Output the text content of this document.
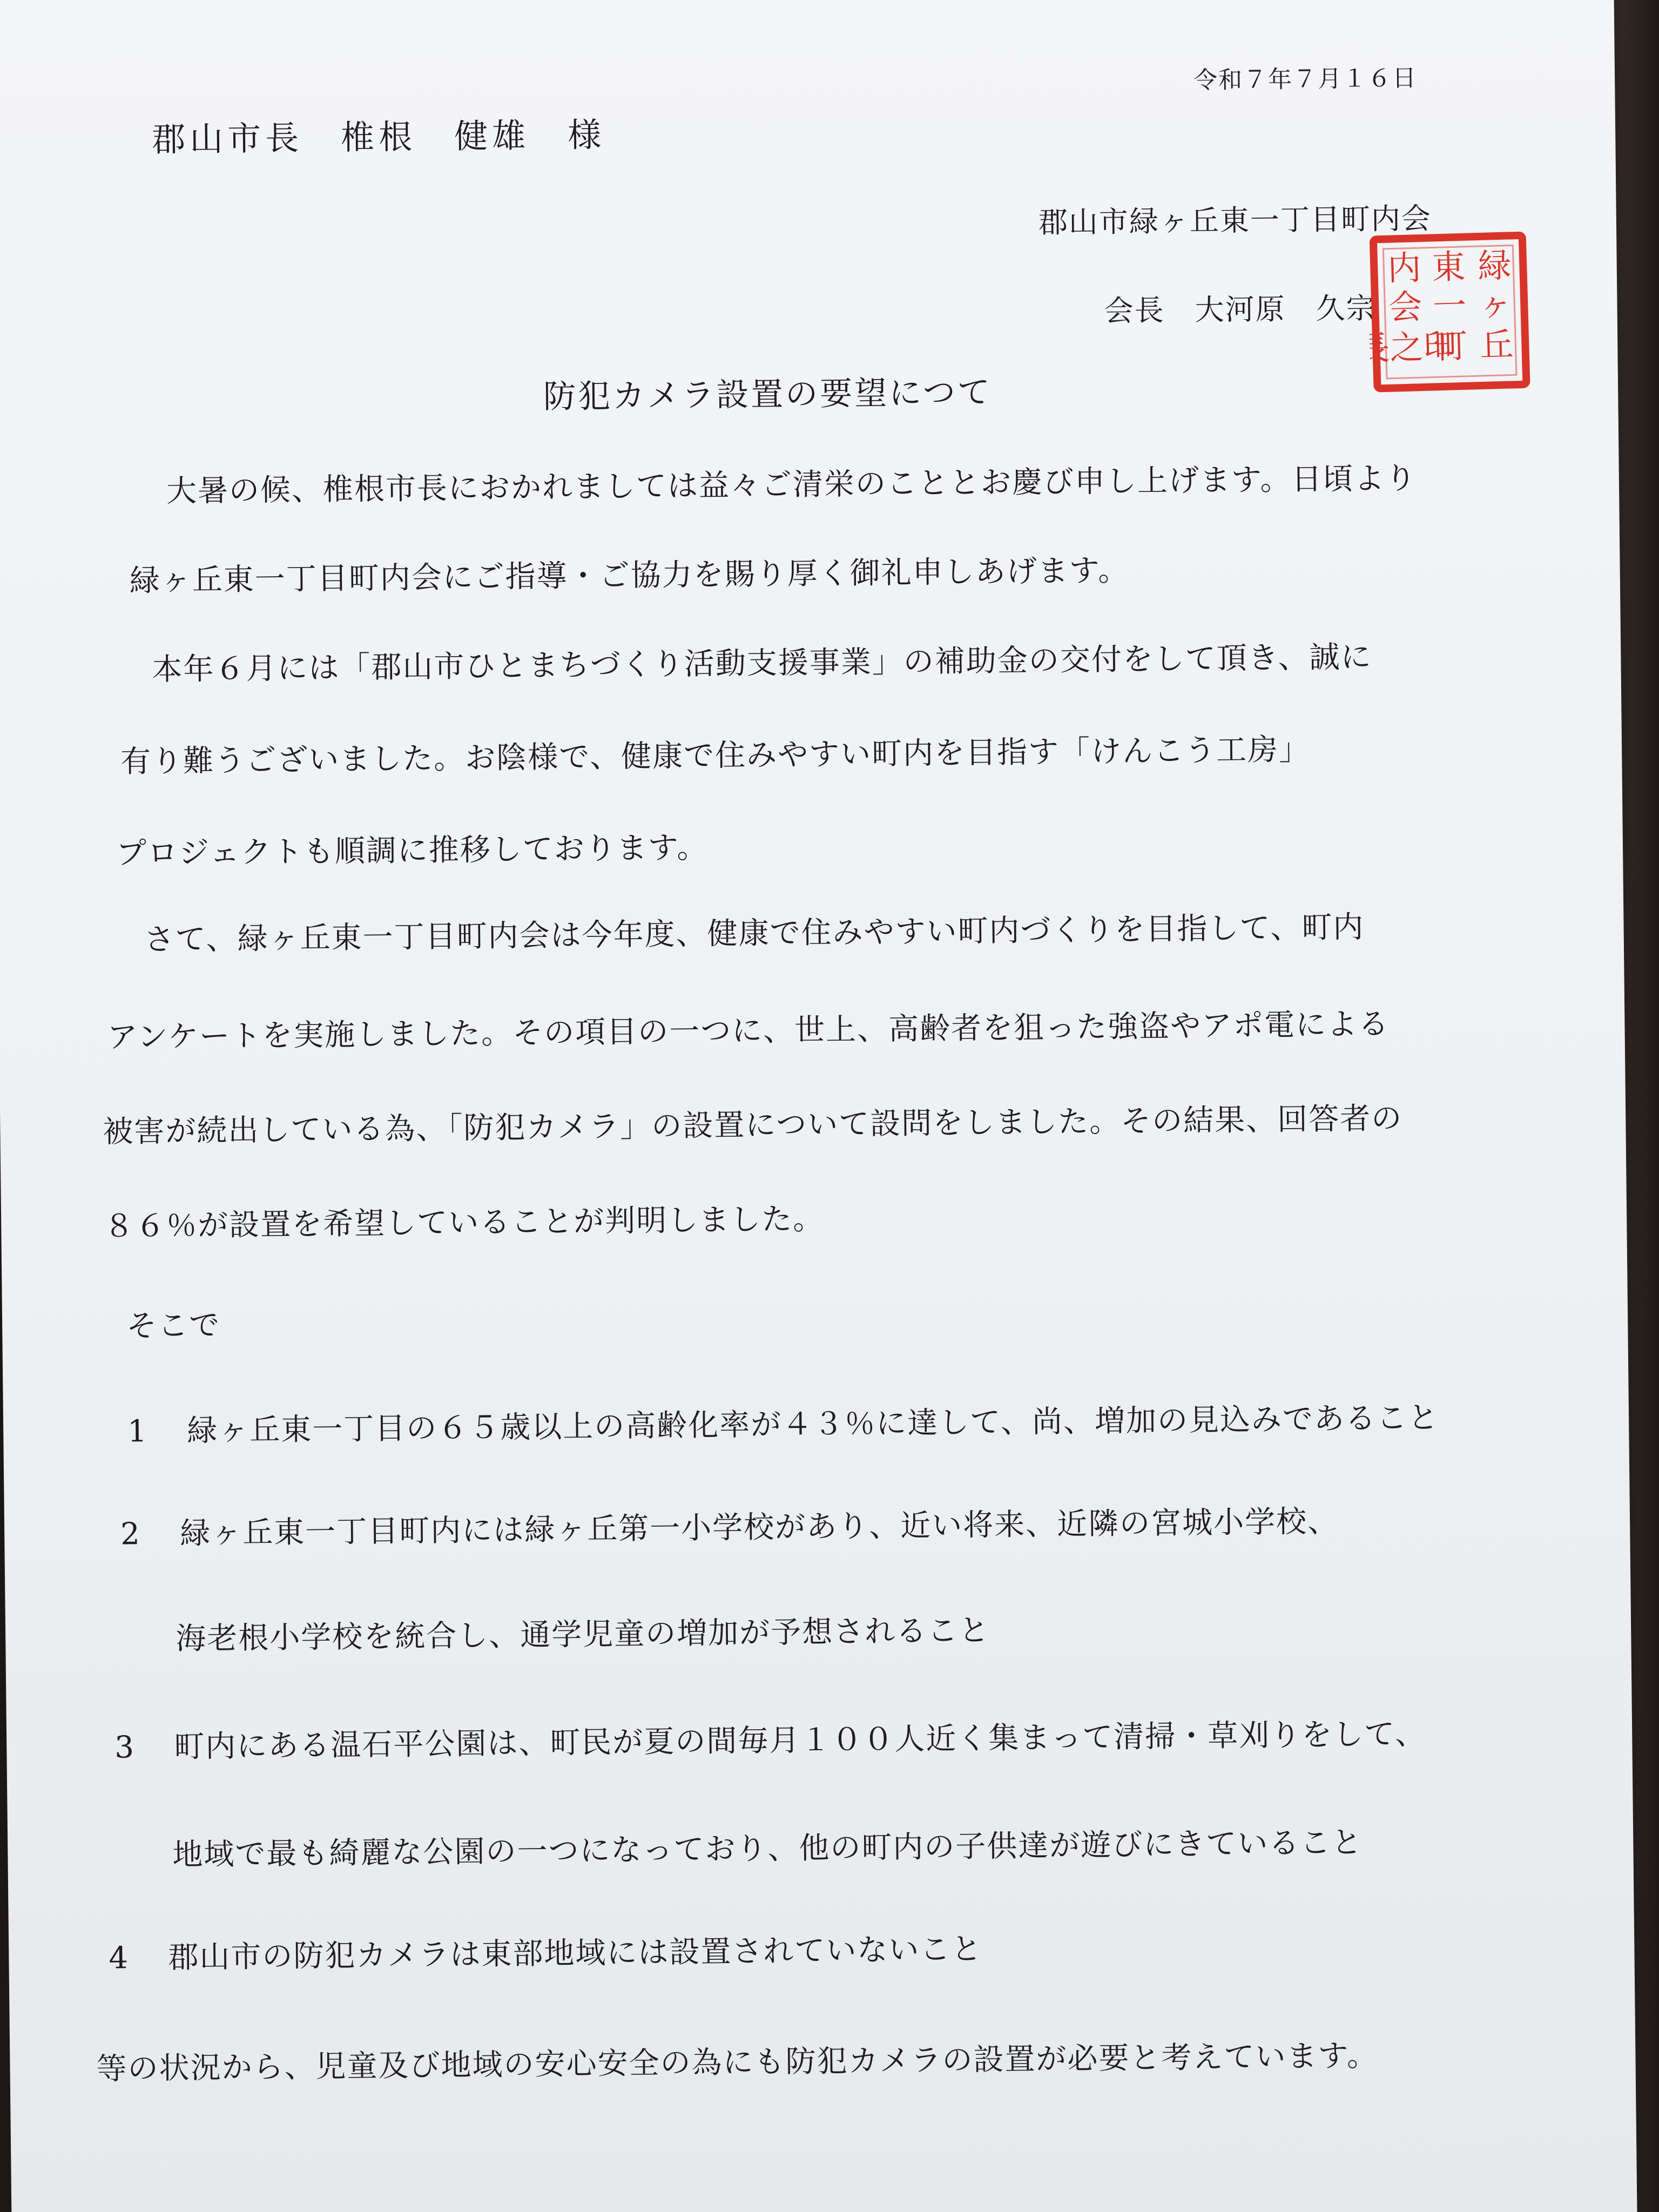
令和７年７月１６日
郡山市長　椎根　健雄　様
郡山市緑ヶ丘東一丁目町内会
会長　大河原　久宗
緑
ヶ
丘
東
一
町
内
会
長之印
防犯カメラ設置の要望につて
大暑の候、椎根市長におかれましては益々ご清栄のこととお慶び申し上げます。日頃より
緑ヶ丘東一丁目町内会にご指導・ご協力を賜り厚く御礼申しあげます。
本年６月には「郡山市ひとまちづくり活動支援事業」の補助金の交付をして頂き、誠に
有り難うございました。お陰様で、健康で住みやすい町内を目指す「けんこう工房」
プロジェクトも順調に推移しております。
さて、緑ヶ丘東一丁目町内会は今年度、健康で住みやすい町内づくりを目指して、町内
アンケートを実施しました。その項目の一つに、世上、高齢者を狙った強盗やアポ電による
被害が続出している為、「防犯カメラ」の設置について設問をしました。その結果、回答者の
８６％が設置を希望していることが判明しました。
そこで
1 緑ヶ丘東一丁目の６５歳以上の高齢化率が４３％に達して、尚、増加の見込みであること
2 緑ヶ丘東一丁目町内には緑ヶ丘第一小学校があり、近い将来、近隣の宮城小学校、
海老根小学校を統合し、通学児童の増加が予想されること
3 町内にある温石平公園は、町民が夏の間毎月１００人近く集まって清掃・草刈りをして、
地域で最も綺麗な公園の一つになっており、他の町内の子供達が遊びにきていること
4 郡山市の防犯カメラは東部地域には設置されていないこと
等の状況から、児童及び地域の安心安全の為にも防犯カメラの設置が必要と考えています。
